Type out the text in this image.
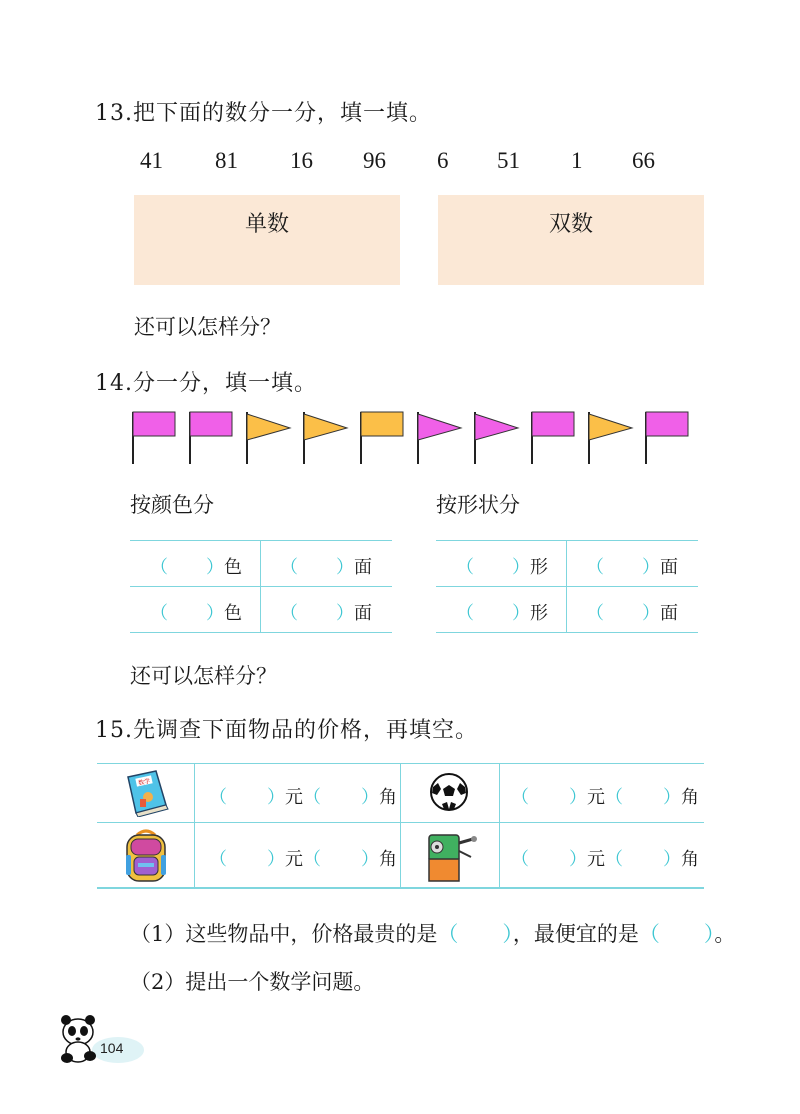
13.把下面的数分一分，填一填。
41 81 16 96 6 51 1 66
单数	双数
还可以怎样分？
14.分一分，填一填。
按颜色分	按形状分
（ ）色 （ ）面
（ ）色 （ ）面
（ ）形 （ ）面
（ ）形 （ ）面
还可以怎样分？
15.先调查下面物品的价格，再填空。
数学
（ ）元（ ）角	（ ）元（ ）角
（ ）元（ ）角	（ ）元（ ）角
（1）这些物品中，价格最贵的是（ ），最便宜的是（ ）。
（2）提出一个数学问题。
104
